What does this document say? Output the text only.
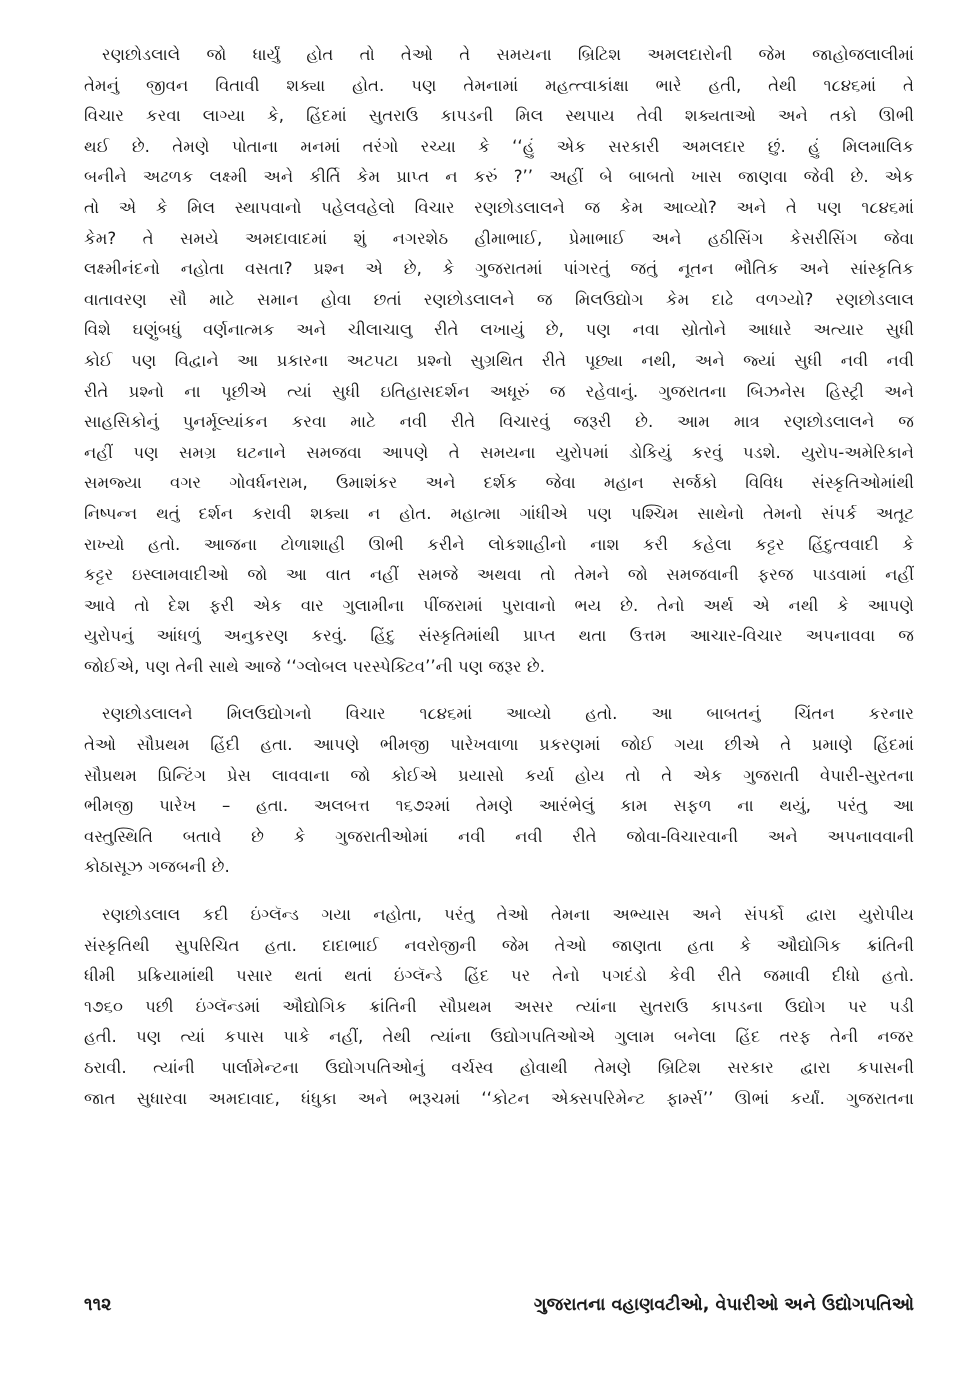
રણછોડલાલે જો ધાર્યું હોત તો તેઓ તે સમયના બ્રિટિશ અમલદારોની જેમ જાહોજલાલીમાં
તેમનું જીવન વિતાવી શક્યા હોત. પણ તેમનામાં મહત્ત્વાકાંક્ષા ભારે હતી, તેથી ૧૮૪૬માં તે
વિચાર કરવા લાગ્યા કે, હિંદમાં સુતરાઉ કાપડની મિલ સ્થપાય તેવી શક્યતાઓ અને તકો ઊભી
થઈ છે. તેમણે પોતાના મનમાં તરંગો રચ્યા કે ‘‘હું એક સરકારી અમલદાર છું. હું મિલમાલિક
બનીને અઢળક લક્ષ્મી અને કીર્તિ કેમ પ્રાપ્ત ન કરું ?’’ અહીં બે બાબતો ખાસ જાણવા જેવી છે. એક
તો એ કે મિલ સ્થાપવાનો પહેલવહેલો વિચાર રણછોડલાલને જ કેમ આવ્યો? અને તે પણ ૧૮૪૬માં
કેમ? તે સમયે અમદાવાદમાં શું નગરશેઠ હીમાભાઈ, પ્રેમાભાઈ અને હઠીસિંગ કેસરીસિંગ જેવા
લક્ષ્મીનંદનો નહોતા વસતા? પ્રશ્ન એ છે, કે ગુજરાતમાં પાંગરતું જતું નૂતન ભૌતિક અને સાંસ્કૃતિક
વાતાવરણ સૌ માટે સમાન હોવા છતાં રણછોડલાલને જ મિલઉદ્યોગ કેમ દાઢે વળગ્યો? રણછોડલાલ
વિશે ઘણુંબધું વર્ણનાત્મક અને ચીલાચાલુ રીતે લખાયું છે, પણ નવા સ્રોતોને આધારે અત્યાર સુધી
કોઈ પણ વિદ્વાને આ પ્રકારના અટપટા પ્રશ્નો સુગ્રથિત રીતે પૂછ્યા નથી, અને જ્યાં સુધી નવી નવી
રીતે પ્રશ્નો ના પૂછીએ ત્યાં સુધી ઇતિહાસદર્શન અધૂરું જ રહેવાનું. ગુજરાતના બિઝનેસ હિસ્ટ્રી અને
સાહસિકોનું પુનર્મૂલ્યાંકન કરવા માટે નવી રીતે વિચારવું જરૂરી છે. આમ માત્ર રણછોડલાલને જ
નહીં પણ સમગ્ર ઘટનાને સમજવા આપણે તે સમયના યુરોપમાં ડોકિયું કરવું પડશે. યુરોપ-અમેરિકાને
સમજ્યા વગર ગોવર્ધનરામ, ઉમાશંકર અને દર્શક જેવા મહાન સર્જકો વિવિધ સંસ્કૃતિઓમાંથી
નિષ્પન્ન થતું દર્શન કરાવી શક્યા ન હોત. મહાત્મા ગાંધીએ પણ પશ્ચિમ સાથેનો તેમનો સંપર્ક અતૂટ
રાખ્યો હતો. આજના ટોળાશાહી ઊભી કરીને લોકશાહીનો નાશ કરી કહેલા કટ્ટર હિંદુત્વવાદી કે
કટ્ટર ઇસ્લામવાદીઓ જો આ વાત નહીં સમજે અથવા તો તેમને જો સમજવાની ફરજ પાડવામાં નહીં
આવે તો દેશ ફરી એક વાર ગુલામીના પીંજરામાં પુરાવાનો ભય છે. તેનો અર્થ એ નથી કે આપણે
યુરોપનું આંધળું અનુકરણ કરવું. હિંદુ સંસ્કૃતિમાંથી પ્રાપ્ત થતા ઉત્તમ આચાર-વિચાર અપનાવવા જ
જોઈએ, પણ તેની સાથે આજે ‘‘ગ્લોબલ પરસ્પેક્ટિવ’’ની પણ જરૂર છે.
રણછોડલાલને મિલઉદ્યોગનો વિચાર ૧૮૪૬માં આવ્યો હતો. આ બાબતનું ચિંતન કરનાર
તેઓ સૌપ્રથમ હિંદી હતા. આપણે ભીમજી પારેખવાળા પ્રકરણમાં જોઈ ગયા છીએ તે પ્રમાણે હિંદમાં
સૌપ્રથમ પ્રિન્ટિંગ પ્રેસ લાવવાના જો કોઈએ પ્રયાસો કર્યા હોય તો તે એક ગુજરાતી વેપારી-સુરતના
ભીમજી પારેખ – હતા. અલબત્ત ૧૬૭૨માં તેમણે આરંભેલું કામ સફળ ના થયું, પરંતુ આ
વસ્તુસ્થિતિ બતાવે છે કે ગુજરાતીઓમાં નવી નવી રીતે જોવા-વિચારવાની અને અપનાવવાની
કોઠાસૂઝ ગજબની છે.
રણછોડલાલ કદી ઇંગ્લૅન્ડ ગયા નહોતા, પરંતુ તેઓ તેમના અભ્યાસ અને સંપર્કો દ્વારા યુરોપીય
સંસ્કૃતિથી સુપરિચિત હતા. દાદાભાઈ નવરોજીની જેમ તેઓ જાણતા હતા કે ઔદ્યોગિક ક્રાંતિની
ધીમી પ્રક્રિયામાંથી પસાર થતાં થતાં ઇંગ્લૅન્ડે હિંદ પર તેનો પગદંડો કેવી રીતે જમાવી દીધો હતો.
૧૭૬૦ પછી ઇંગ્લૅન્ડમાં ઔદ્યોગિક ક્રાંતિની સૌપ્રથમ અસર ત્યાંના સુતરાઉ કાપડના ઉદ્યોગ પર પડી
હતી. પણ ત્યાં કપાસ પાકે નહીં, તેથી ત્યાંના ઉદ્યોગપતિઓએ ગુલામ બનેલા હિંદ તરફ તેની નજર
ઠરાવી. ત્યાંની પાર્લામેન્ટના ઉદ્યોગપતિઓનું વર્ચસ્વ હોવાથી તેમણે બ્રિટિશ સરકાર દ્વારા કપાસની
જાત સુધારવા અમદાવાદ, ધંધુકા અને ભરૂચમાં ‘‘કોટન એક્સપરિમેન્ટ ફાર્મ્સ’’ ઊભાં કર્યાં. ગુજરાતના
૧૧૨	ગુજરાતના વહાણવટીઓ, વેપારીઓ અને ઉદ્યોગપતિઓ
